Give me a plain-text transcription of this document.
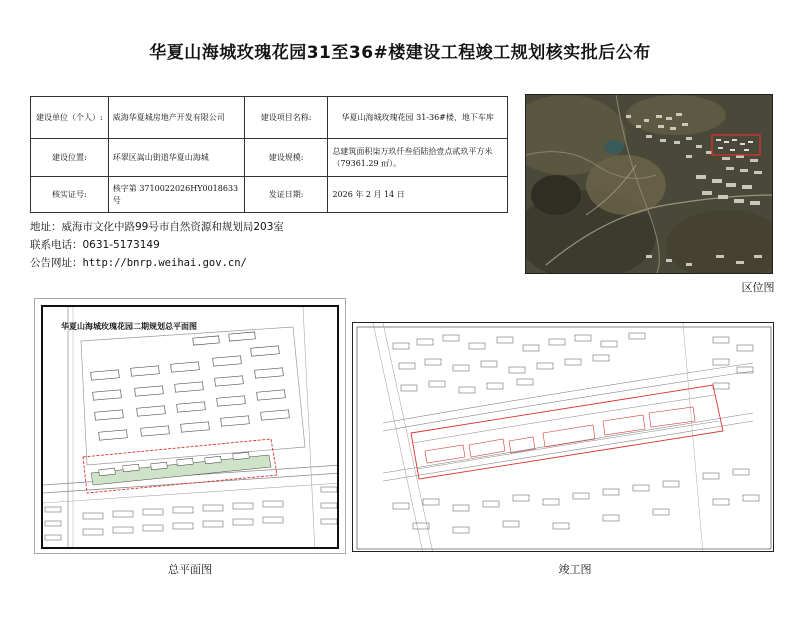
华夏山海城玫瑰花园31至36#楼建设工程竣工规划核实批后公布
建设单位（个人）:	威海华夏城房地产开发有限公司	建设项目名称:	华夏山海城玫瑰花园 31-36#楼、地下车库
建设位置:	环翠区嵩山街道华夏山海城	建设规模:	总建筑面积柒万玖仟叁佰陆拾壹点贰玖平方米（79361.29 ㎡）。
核实证号:	核字第 3710022026HY0018633 号	发证日期:	2026 年 2 月 14 日
地址：威海市文化中路99号市自然资源和规划局203室
联系电话：0631-5173149
公告网址：http://bnrp.weihai.gov.cn/
区位图
华夏山海城玫瑰花园二期规划总平面图
总平面图	竣工图
